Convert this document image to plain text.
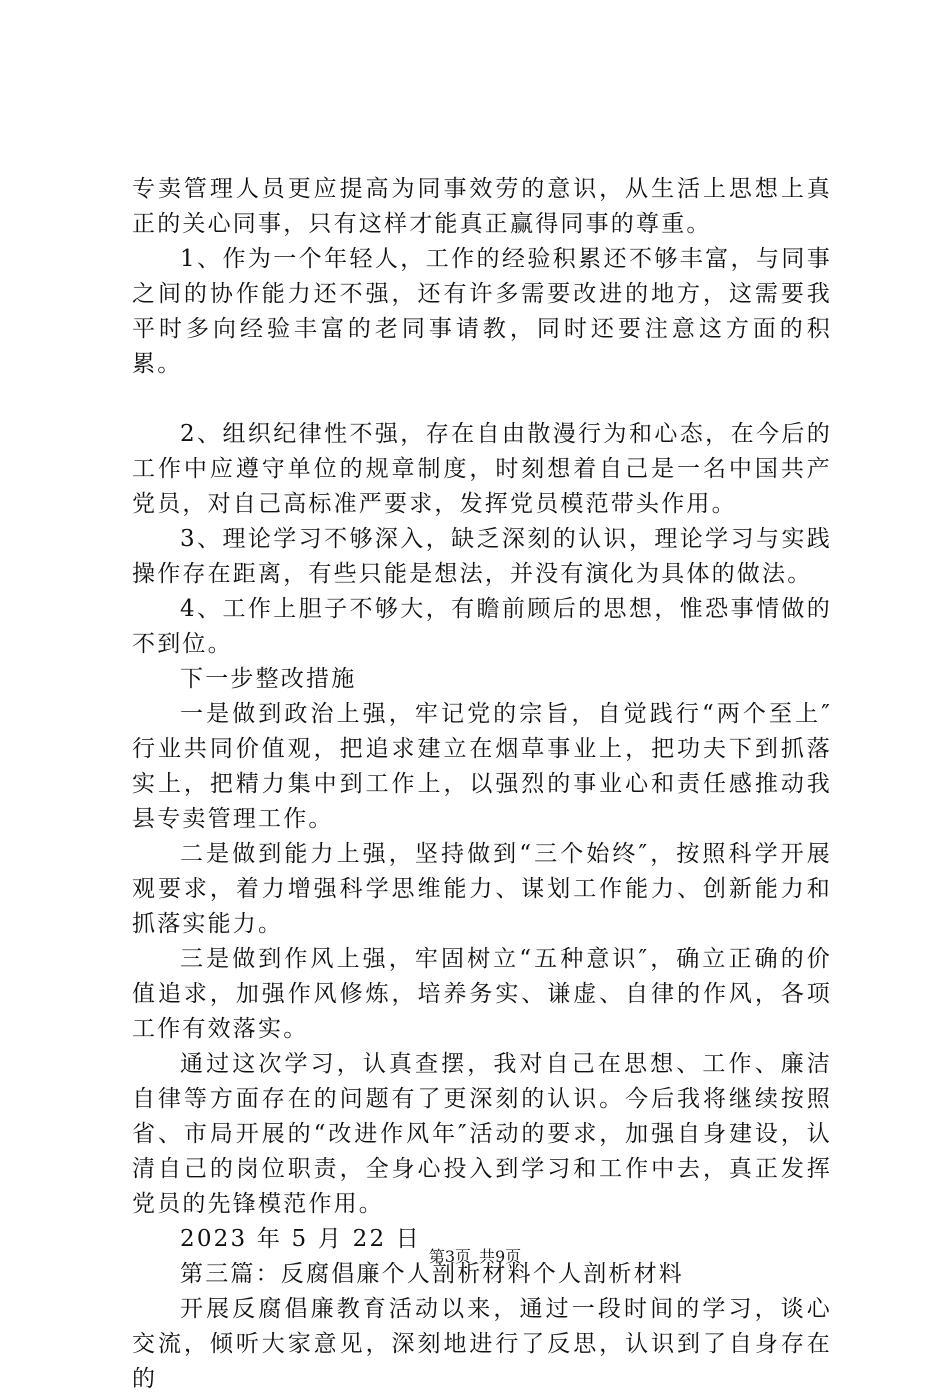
专卖管理人员更应提高为同事效劳的意识，从生活上思想上真正的关心同事，只有这样才能真正赢得同事的尊重。

1、作为一个年轻人，工作的经验积累还不够丰富，与同事之间的协作能力还不强，还有许多需要改进的地方，这需要我平时多向经验丰富的老同事请教，同时还要注意这方面的积累。

2、组织纪律性不强，存在自由散漫行为和心态，在今后的工作中应遵守单位的规章制度，时刻想着自己是一名中国共产党员，对自己高标准严要求，发挥党员模范带头作用。

3、理论学习不够深入，缺乏深刻的认识，理论学习与实践操作存在距离，有些只能是想法，并没有演化为具体的做法。

4、工作上胆子不够大，有瞻前顾后的思想，惟恐事情做的不到位。

下一步整改措施

一是做到政治上强，牢记党的宗旨，自觉践行“两个至上″行业共同价值观，把追求建立在烟草事业上，把功夫下到抓落实上，把精力集中到工作上，以强烈的事业心和责任感推动我县专卖管理工作。

二是做到能力上强，坚持做到“三个始终″，按照科学开展观要求，着力增强科学思维能力、谋划工作能力、创新能力和抓落实能力。

三是做到作风上强，牢固树立“五种意识″，确立正确的价值追求，加强作风修炼，培养务实、谦虚、自律的作风，各项工作有效落实。

通过这次学习，认真查摆，我对自己在思想、工作、廉洁自律等方面存在的问题有了更深刻的认识。今后我将继续按照省、市局开展的“改进作风年″活动的要求，加强自身建设，认清自己的岗位职责，全身心投入到学习和工作中去，真正发挥党员的先锋模范作用。

2023 年 5 月 22 日

第三篇：反腐倡廉个人剖析材料个人剖析材料

开展反腐倡廉教育活动以来，通过一段时间的学习，谈心交流，倾听大家意见，深刻地进行了反思，认识到了自身存在的

第3页 共9页
